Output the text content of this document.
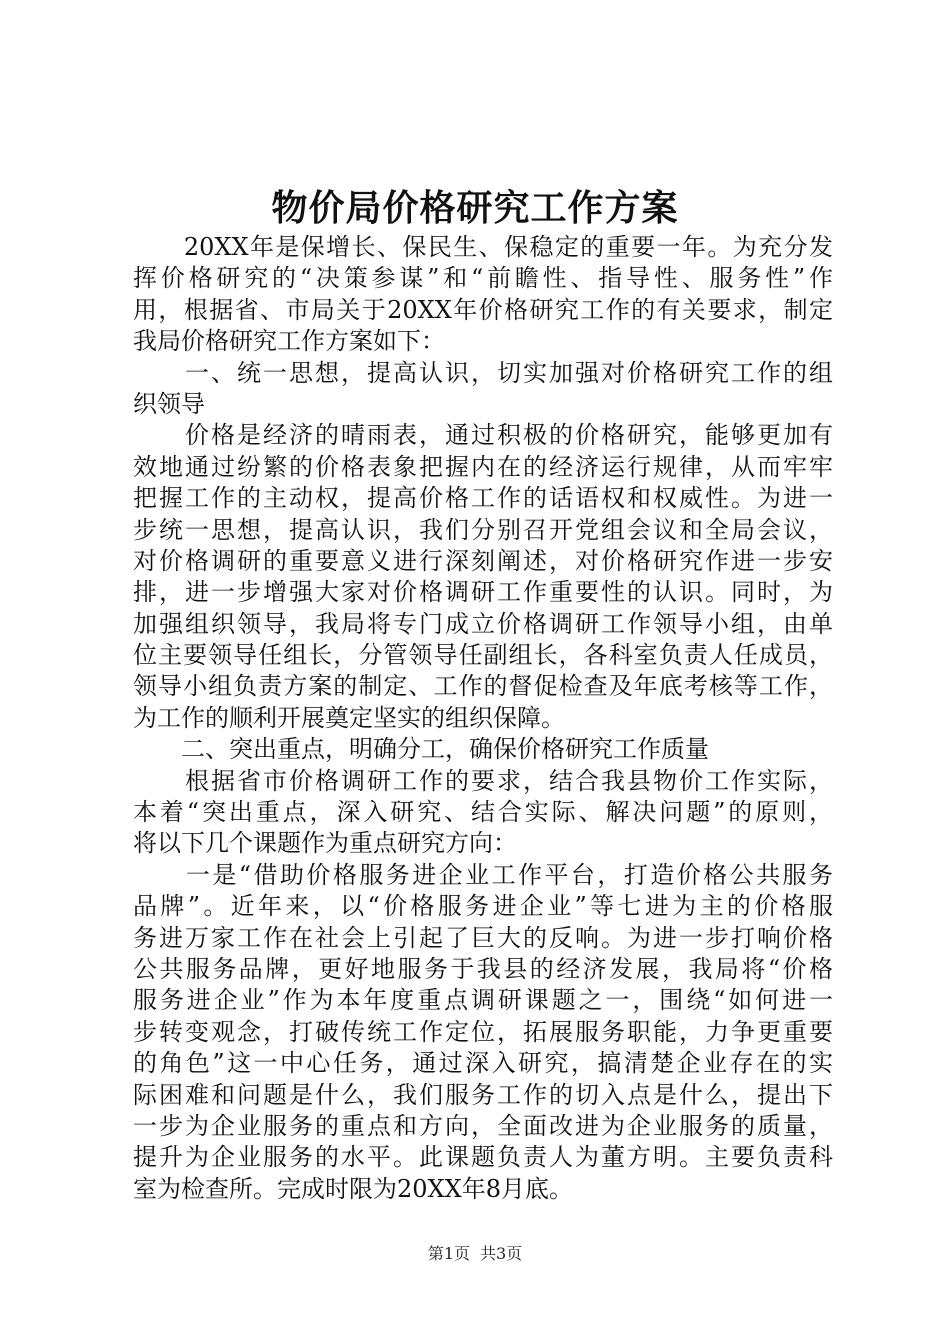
物价局价格研究工作方案
　　20XX年是保增长、保民生、保稳定的重要一年。为充分发
挥价格研究的“决策参谋”和“前瞻性、指导性、服务性”作
用，根据省、市局关于20XX年价格研究工作的有关要求，制定
我局价格研究工作方案如下：
　　一、统一思想，提高认识，切实加强对价格研究工作的组
织领导
　　价格是经济的晴雨表，通过积极的价格研究，能够更加有
效地通过纷繁的价格表象把握内在的经济运行规律，从而牢牢
把握工作的主动权，提高价格工作的话语权和权威性。为进一
步统一思想，提高认识，我们分别召开党组会议和全局会议，
对价格调研的重要意义进行深刻阐述，对价格研究作进一步安
排，进一步增强大家对价格调研工作重要性的认识。同时，为
加强组织领导，我局将专门成立价格调研工作领导小组，由单
位主要领导任组长，分管领导任副组长，各科室负责人任成员，
领导小组负责方案的制定、工作的督促检查及年底考核等工作，
为工作的顺利开展奠定坚实的组织保障。
　　二、突出重点，明确分工，确保价格研究工作质量
　　根据省市价格调研工作的要求，结合我县物价工作实际，
本着“突出重点，深入研究、结合实际、解决问题”的原则，
将以下几个课题作为重点研究方向：
　　一是“借助价格服务进企业工作平台，打造价格公共服务
品牌”。近年来，以“价格服务进企业”等七进为主的价格服
务进万家工作在社会上引起了巨大的反响。为进一步打响价格
公共服务品牌，更好地服务于我县的经济发展，我局将“价格
服务进企业”作为本年度重点调研课题之一，围绕“如何进一
步转变观念，打破传统工作定位，拓展服务职能，力争更重要
的角色”这一中心任务，通过深入研究，搞清楚企业存在的实
际困难和问题是什么，我们服务工作的切入点是什么，提出下
一步为企业服务的重点和方向，全面改进为企业服务的质量，
提升为企业服务的水平。此课题负责人为董方明。主要负责科
室为检查所。完成时限为20XX年8月底。
第1页 共3页
